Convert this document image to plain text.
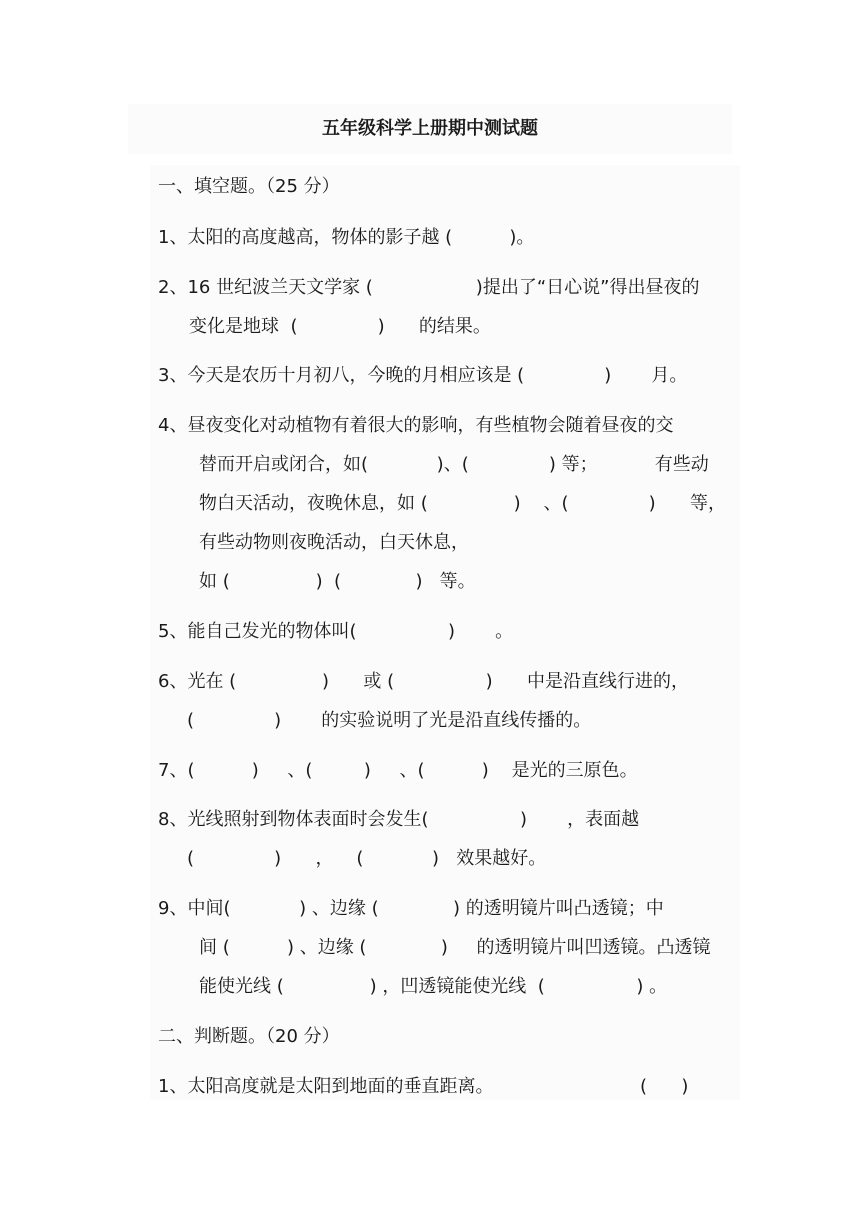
五年级科学上册期中测试题
一、填空题。（25 分）
1、太阳的高度越高，物体的影子越 (          )。
2、16 世纪波兰天文学家 (                  )提出了“日心说”得出昼夜的
变化是地球  (              )      的结果。
3、今天是农历十月初八，今晚的月相应该是 (              )       月。
4、昼夜变化对动植物有着很大的影响，有些植物会随着昼夜的交
替而开启或闭合，如(            )、(              ) 等；          有些动
物白天活动，夜晚休息，如 (               )    、(              )      等，
有些动物则夜晚活动，白天休息，
如 (               )  (             )   等。
5、能自己发光的物体叫(                )       。
6、光在 (               )      或 (                )      中是沿直线行进的，
(              )       的实验说明了光是沿直线传播的。
7、(          )     、(         )     、(          )    是光的三原色。
8、光线照射到物体表面时会发生(                )       ，表面越
(              )      ，    (            )   效果越好。
9、中间(            ) 、边缘 (             ) 的透明镜片叫凸透镜；中
间 (          ) 、边缘 (             )     的透明镜片叫凹透镜。凸透镜
能使光线 (               ) ，凹透镜能使光线  (                ) 。
二、判断题。（20 分）
1、太阳高度就是太阳到地面的垂直距离。	(      )
